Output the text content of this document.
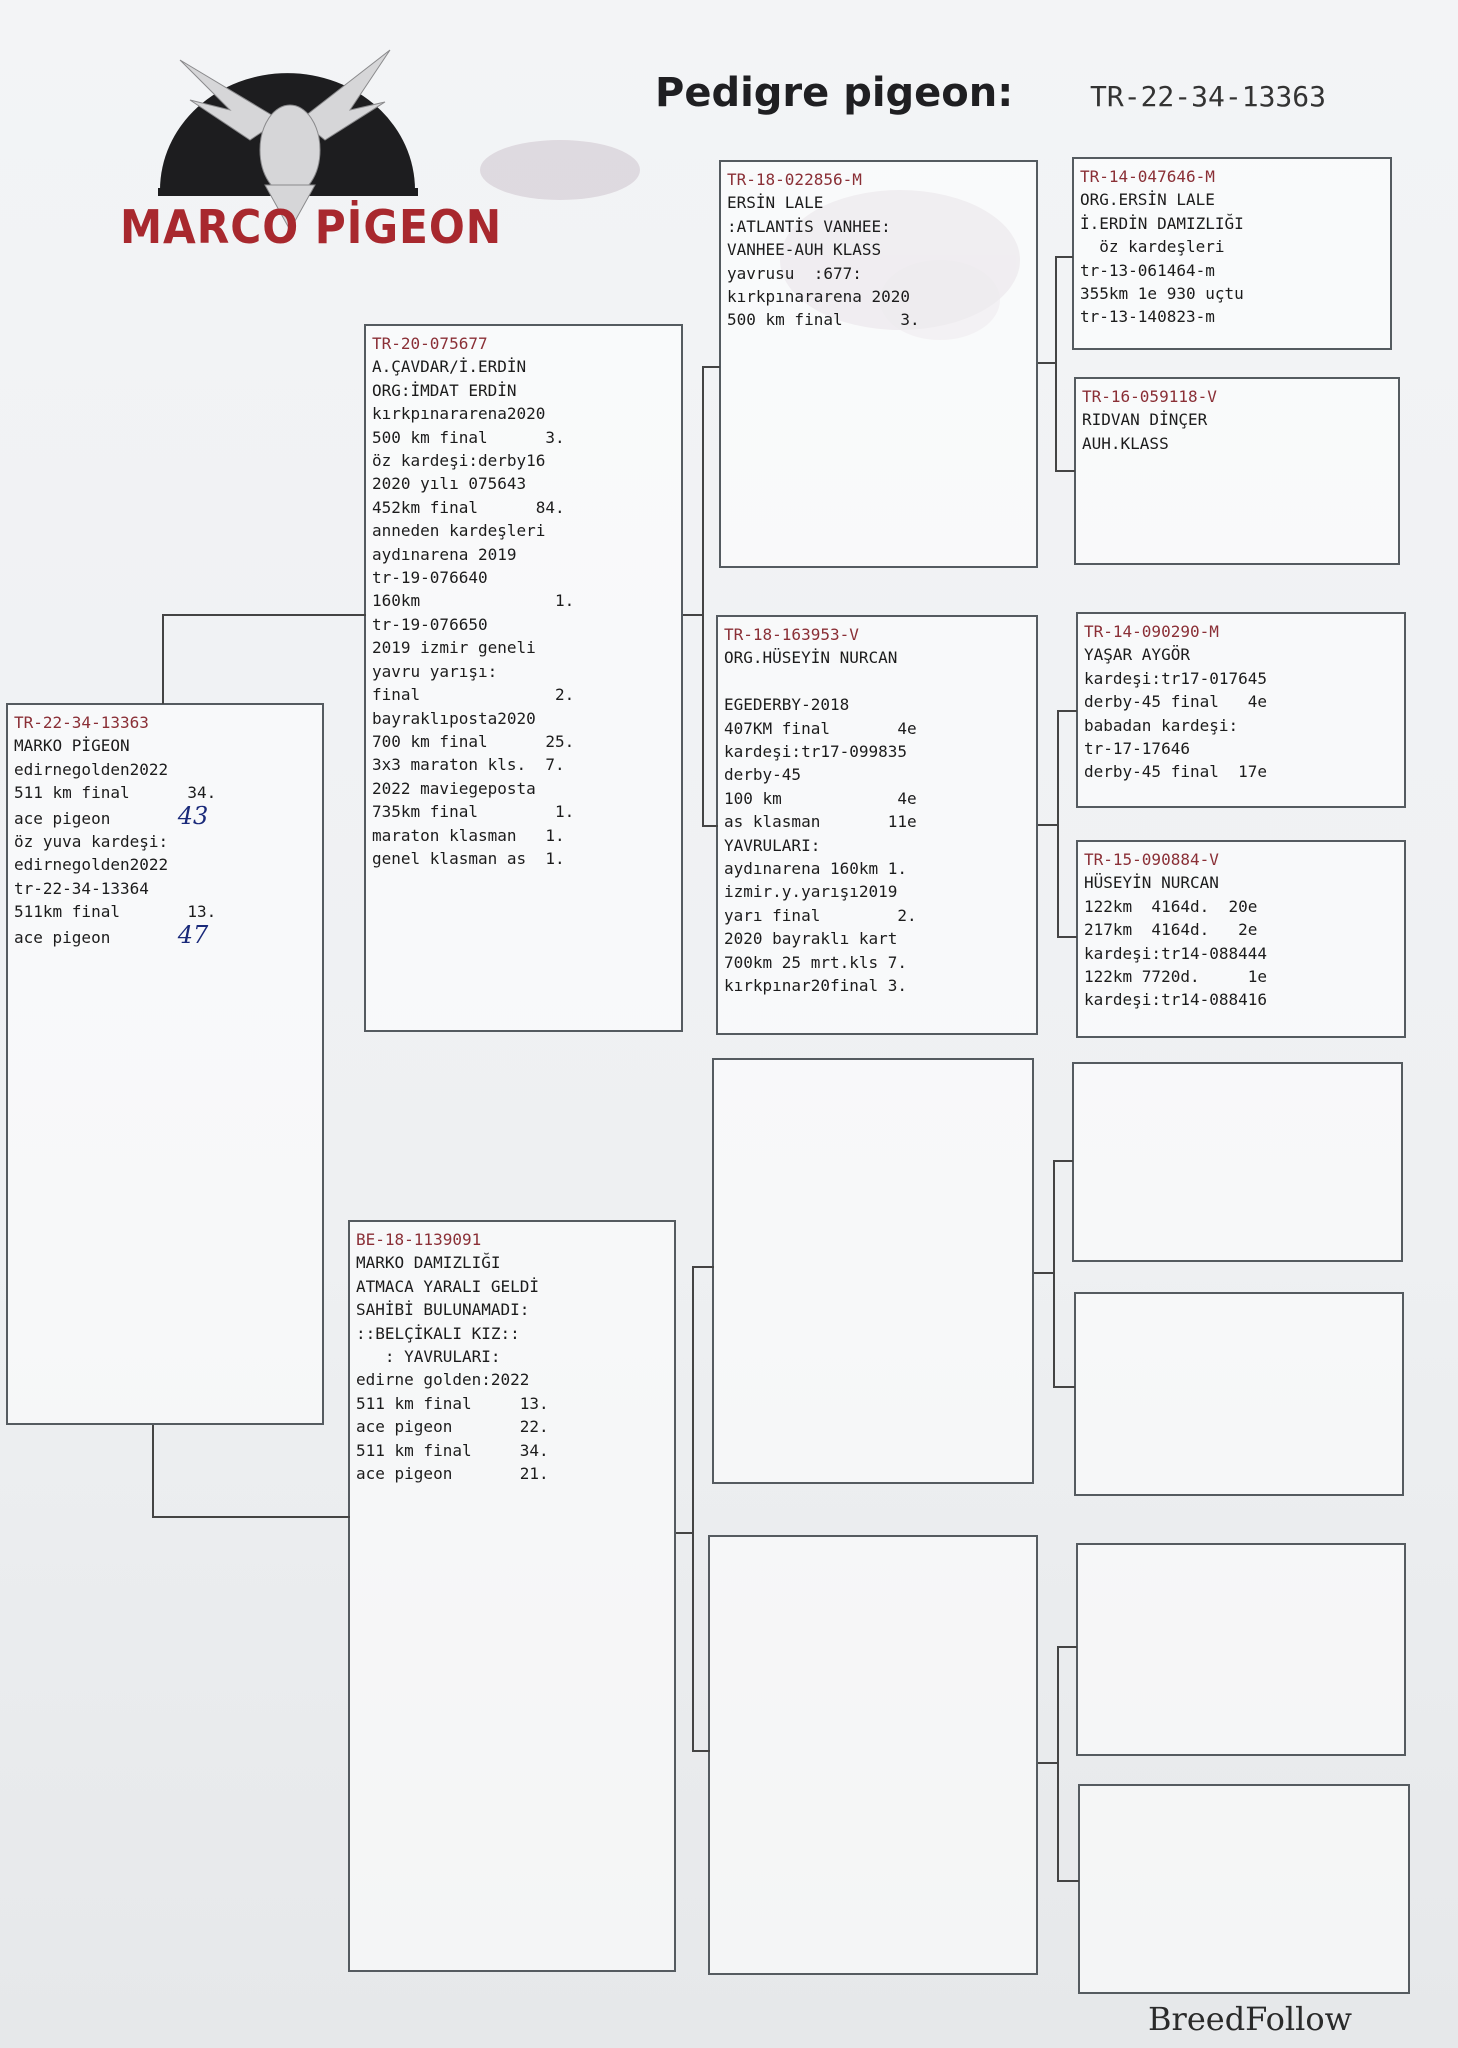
MARCO PİGEON
Pedigre pigeon:	TR-22-34-13363
TR-22-34-13363
MARKO PİGEON
edirnegolden2022
511 km final      34.
ace pigeon       43
öz yuva kardeşi:
edirnegolden2022
tr-22-34-13364
511km final       13.
ace pigeon       47
TR-20-075677
A.ÇAVDAR/İ.ERDİN
ORG:İMDAT ERDİN
kırkpınararena2020
500 km final      3.
öz kardeşi:derby16
2020 yılı 075643
452km final      84.
anneden kardeşleri
aydınarena 2019
tr-19-076640
160km              1.
tr-19-076650
2019 izmir geneli
yavru yarışı:
final              2.
bayraklıposta2020
700 km final      25.
3x3 maraton kls.  7.
2022 maviegeposta
735km final        1.
maraton klasman   1.
genel klasman as  1.
BE-18-1139091
MARKO DAMIZLIĞI
ATMACA YARALI GELDİ
SAHİBİ BULUNAMADI:
::BELÇİKALI KIZ::
: YAVRULARI:
edirne golden:2022
511 km final     13.
ace pigeon       22.
511 km final     34.
ace pigeon       21.
TR-18-022856-M
ERSİN LALE
:ATLANTİS VANHEE:
VANHEE-AUH KLASS
yavrusu  :677:
kırkpınararena 2020
500 km final      3.
TR-18-163953-V
ORG.HÜSEYİN NURCAN

EGEDERBY-2018
407KM final       4e
kardeşi:tr17-099835
derby-45
100 km            4e
as klasman       11e
YAVRULARI:
aydınarena 160km 1.
izmir.y.yarışı2019
yarı final        2.
2020 bayraklı kart
700km 25 mrt.kls 7.
kırkpınar20final 3.
TR-14-047646-M
ORG.ERSİN LALE
İ.ERDİN DAMIZLIĞI
öz kardeşleri
tr-13-061464-m
355km 1e 930 uçtu
tr-13-140823-m
TR-16-059118-V
RIDVAN DİNÇER
AUH.KLASS
TR-14-090290-M
YAŞAR AYGÖR
kardeşi:tr17-017645
derby-45 final   4e
babadan kardeşi:
tr-17-17646
derby-45 final  17e
TR-15-090884-V
HÜSEYİN NURCAN
122km  4164d.  20e
217km  4164d.   2e
kardeşi:tr14-088444
122km 7720d.     1e
kardeşi:tr14-088416
BreedFollow
